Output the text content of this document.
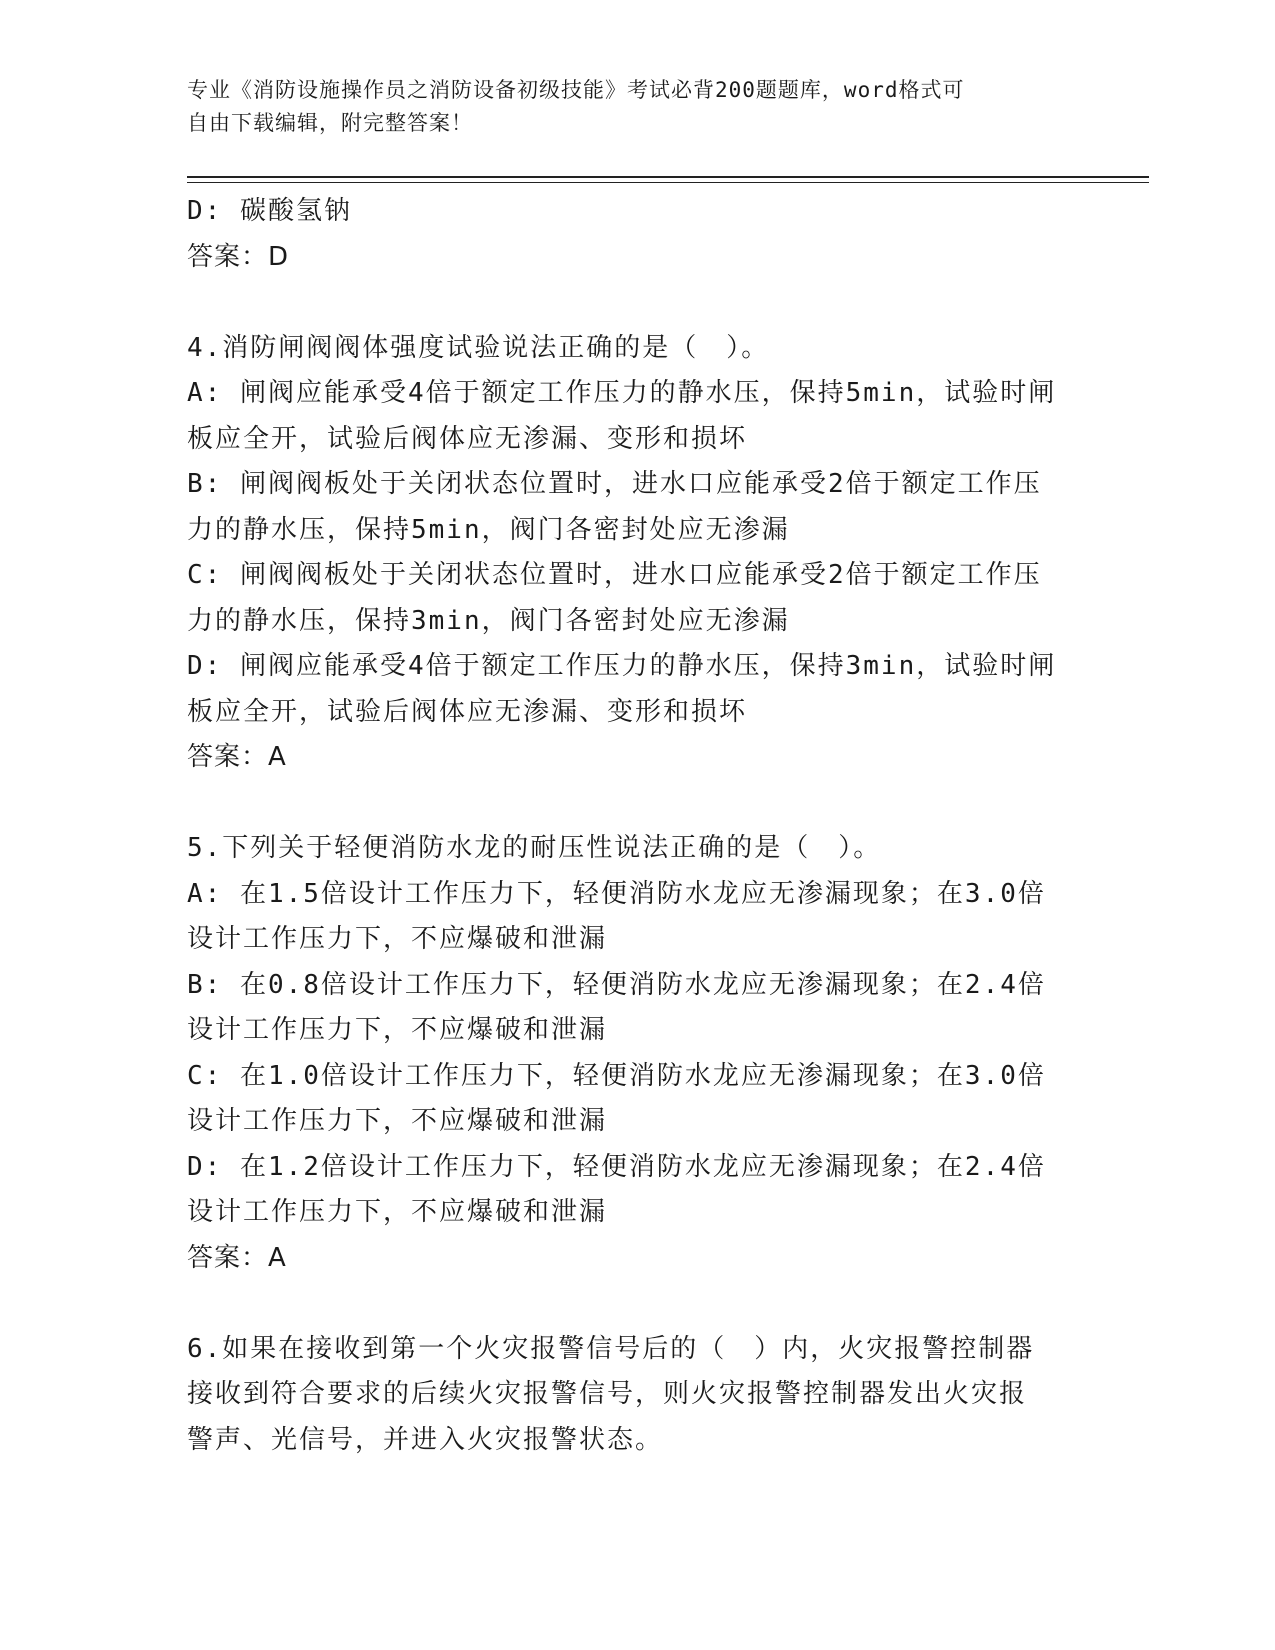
专业《消防设施操作员之消防设备初级技能》考试必背200题题库，word格式可
自由下载编辑，附完整答案！
D: 碳酸氢钠
答案：D
4.消防闸阀阀体强度试验说法正确的是（　）。
A: 闸阀应能承受4倍于额定工作压力的静水压，保持5min，试验时闸
板应全开，试验后阀体应无渗漏、变形和损坏
B: 闸阀阀板处于关闭状态位置时，进水口应能承受2倍于额定工作压
力的静水压，保持5min，阀门各密封处应无渗漏
C: 闸阀阀板处于关闭状态位置时，进水口应能承受2倍于额定工作压
力的静水压，保持3min，阀门各密封处应无渗漏
D: 闸阀应能承受4倍于额定工作压力的静水压，保持3min，试验时闸
板应全开，试验后阀体应无渗漏、变形和损坏
答案：A
5.下列关于轻便消防水龙的耐压性说法正确的是（　）。
A: 在1.5倍设计工作压力下，轻便消防水龙应无渗漏现象；在3.0倍
设计工作压力下，不应爆破和泄漏
B: 在0.8倍设计工作压力下，轻便消防水龙应无渗漏现象；在2.4倍
设计工作压力下，不应爆破和泄漏
C: 在1.0倍设计工作压力下，轻便消防水龙应无渗漏现象；在3.0倍
设计工作压力下，不应爆破和泄漏
D: 在1.2倍设计工作压力下，轻便消防水龙应无渗漏现象；在2.4倍
设计工作压力下，不应爆破和泄漏
答案：A
6.如果在接收到第一个火灾报警信号后的（　）内，火灾报警控制器
接收到符合要求的后续火灾报警信号，则火灾报警控制器发出火灾报
警声、光信号，并进入火灾报警状态。
